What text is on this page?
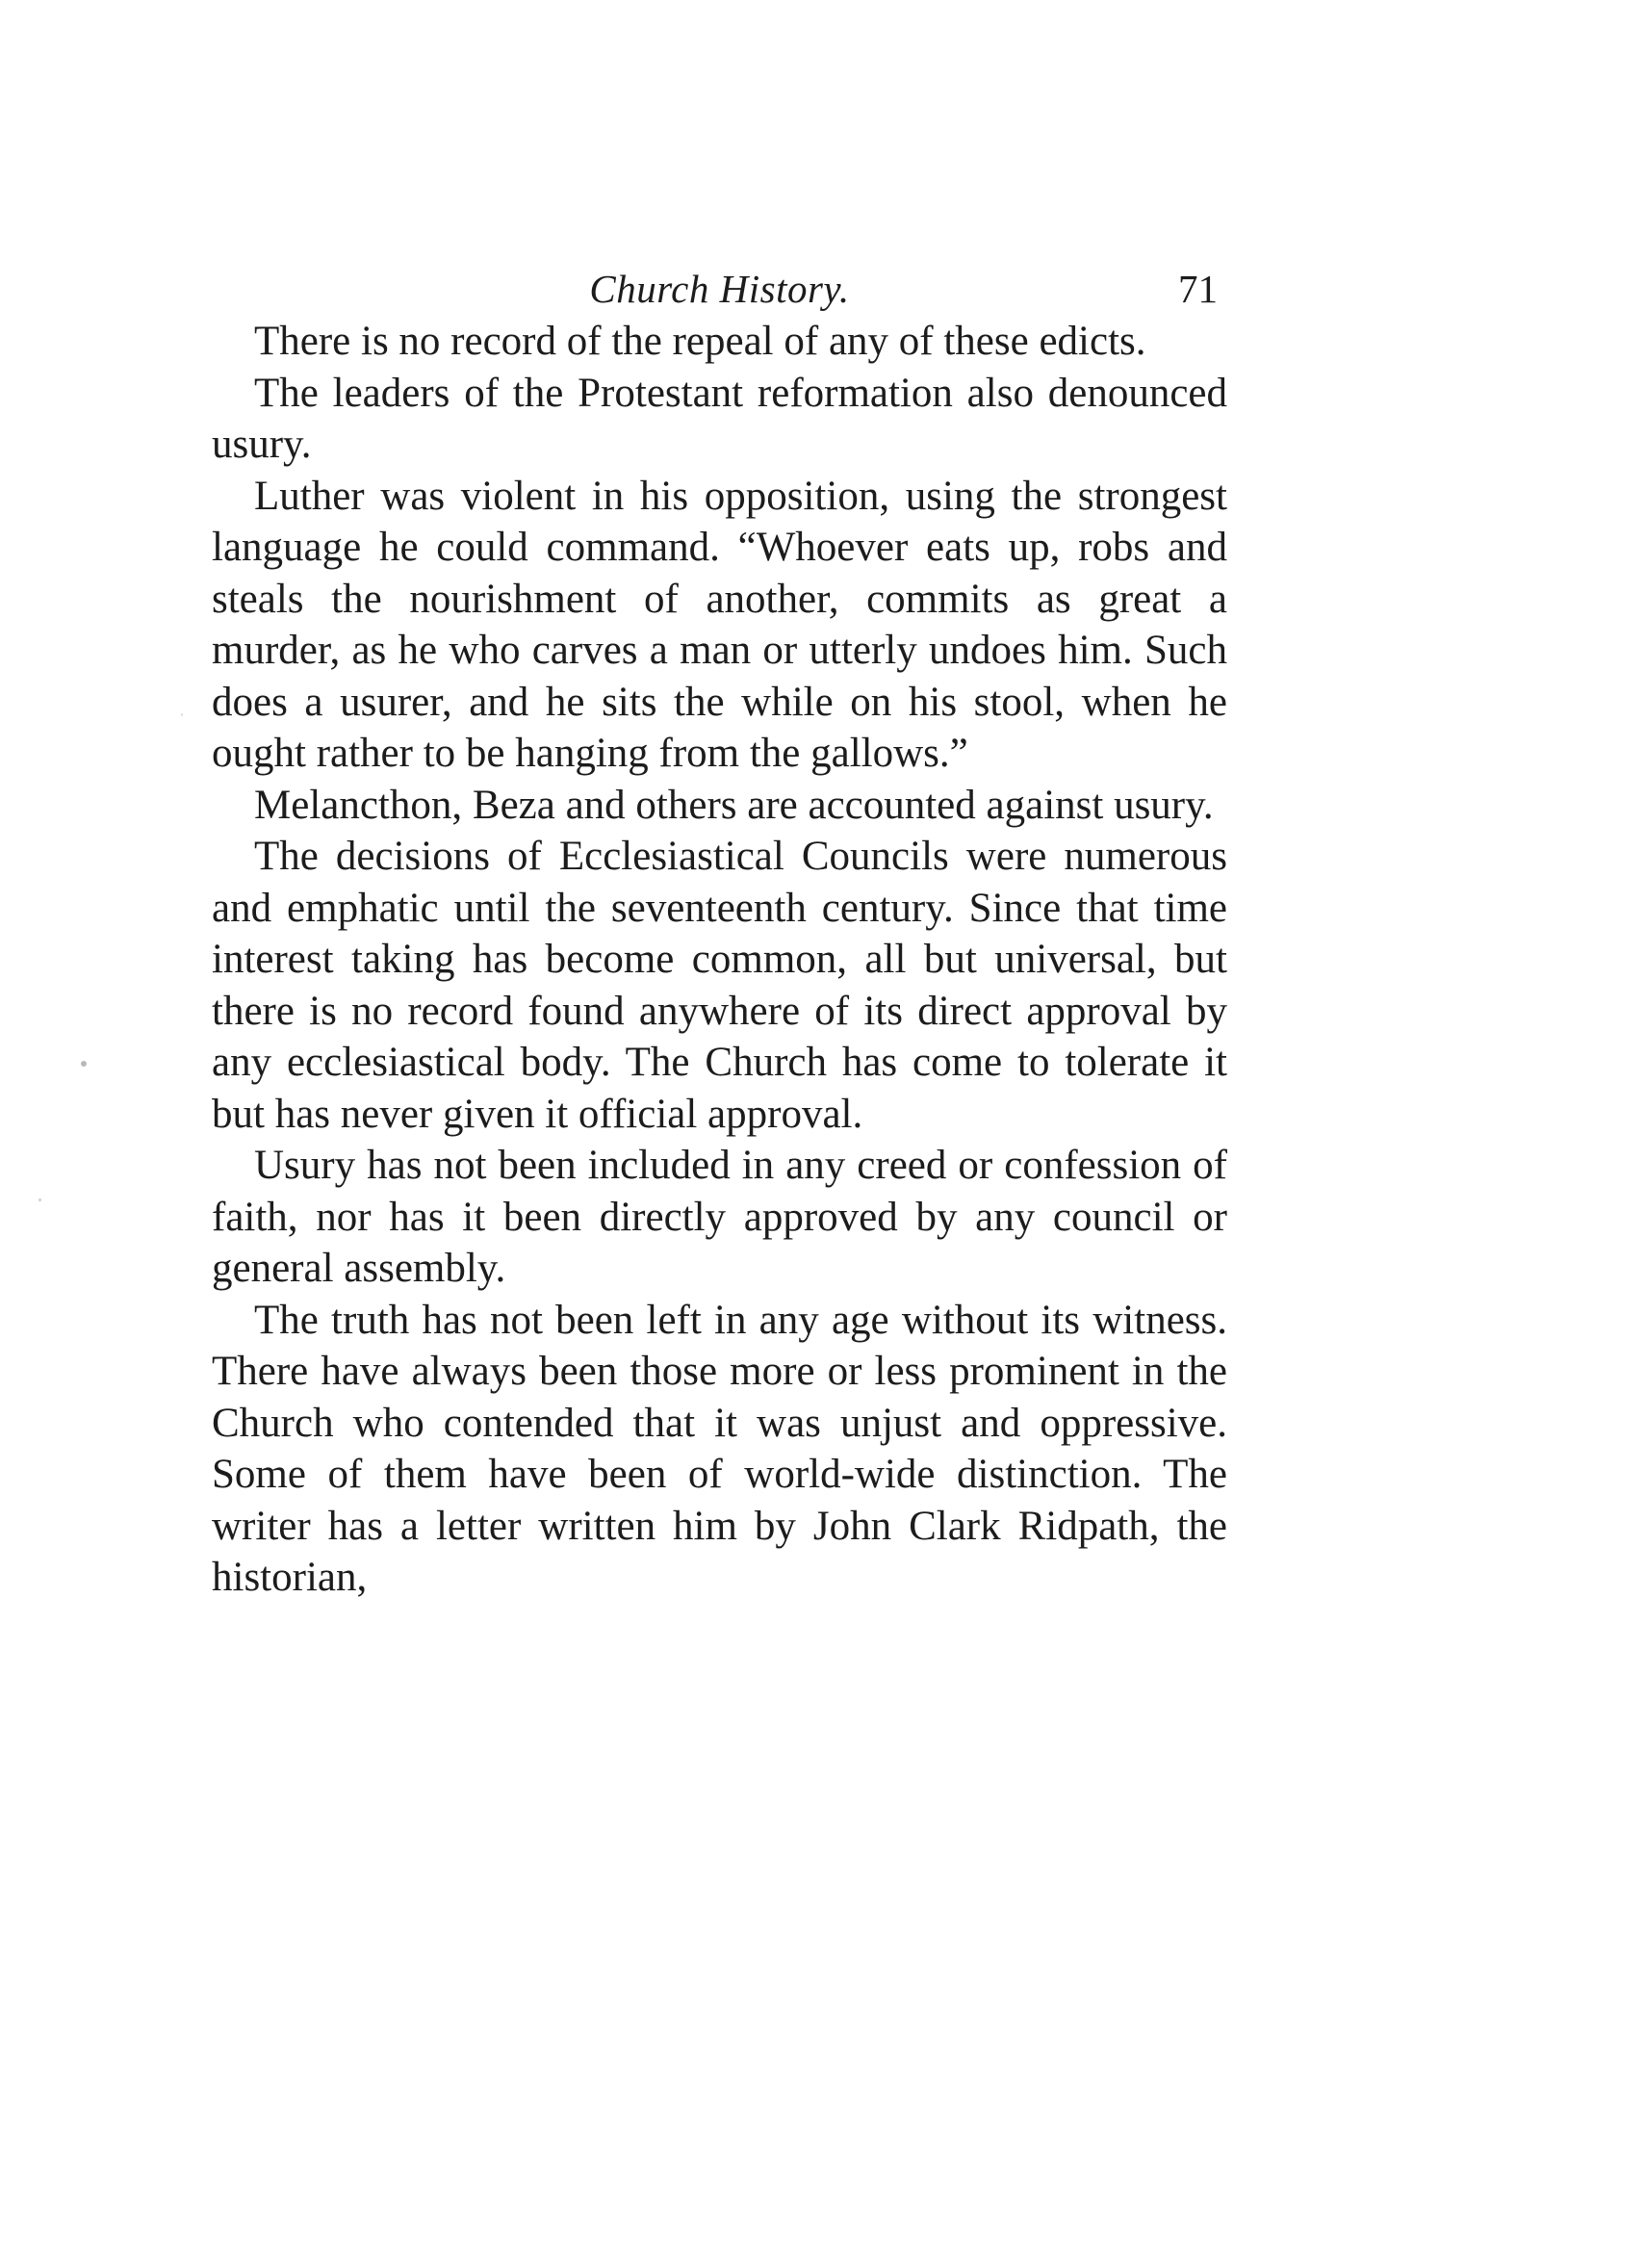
Church History.	71

There is no record of the repeal of any of these edicts.

The leaders of the Protestant reformation also denounced usury.

Luther was violent in his opposition, using the strongest language he could command. “Whoever eats up, robs and steals the nourishment of another, commits as great a murder, as he who carves a man or utterly undoes him. Such does a usurer, and he sits the while on his stool, when he ought rather to be hanging from the gallows.”

Melancthon, Beza and others are accounted against usury.

The decisions of Ecclesiastical Councils were numerous and emphatic until the seventeenth century. Since that time interest taking has become common, all but universal, but there is no record found anywhere of its direct approval by any ecclesiastical body. The Church has come to tolerate it but has never given it official approval.

Usury has not been included in any creed or confession of faith, nor has it been directly approved by any council or general assembly.

The truth has not been left in any age without its witness. There have always been those more or less prominent in the Church who contended that it was unjust and oppressive. Some of them have been of world-wide distinction. The writer has a letter written him by John Clark Ridpath, the historian,
